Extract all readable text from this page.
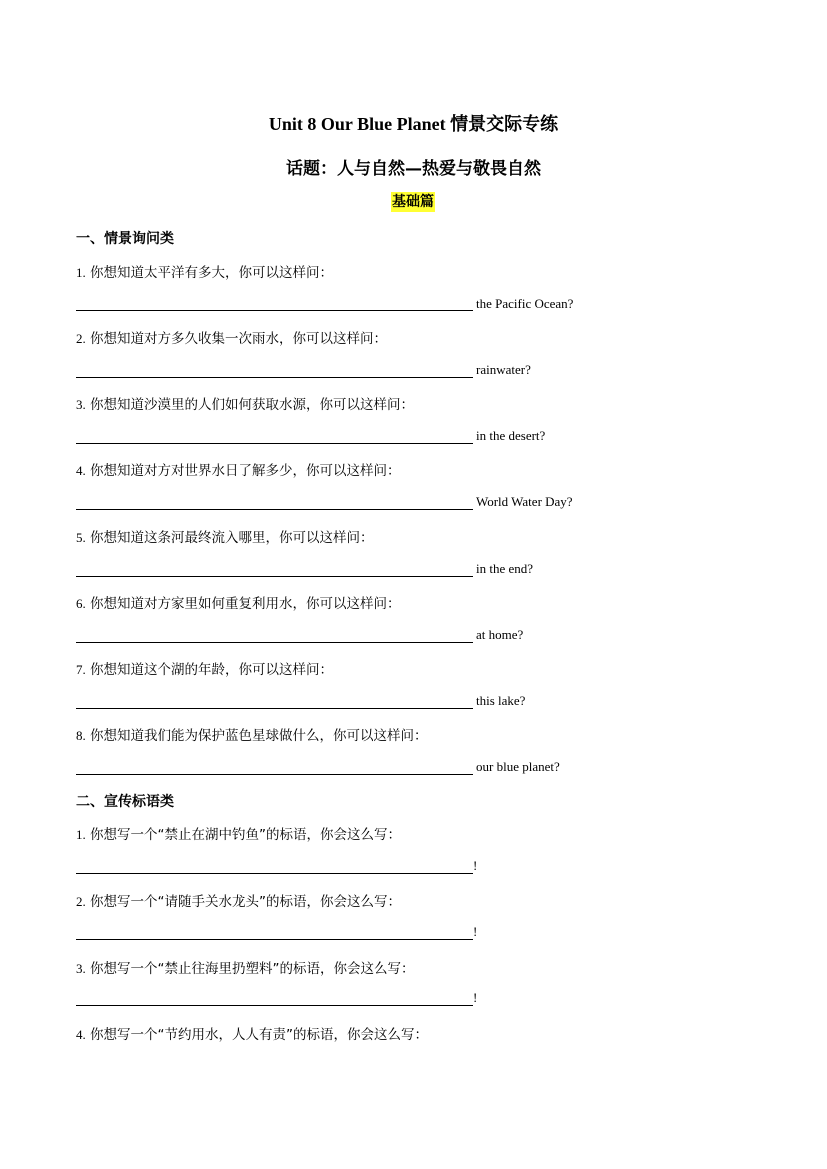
Unit 8 Our Blue Planet 情景交际专练
话题：人与自然—热爱与敬畏自然
基础篇
一、情景询问类
1. 你想知道太平洋有多大，你可以这样问：
the Pacific Ocean?
2. 你想知道对方多久收集一次雨水，你可以这样问：
rainwater?
3. 你想知道沙漠里的人们如何获取水源，你可以这样问：
in the desert?
4. 你想知道对方对世界水日了解多少，你可以这样问：
World Water Day?
5. 你想知道这条河最终流入哪里，你可以这样问：
in the end?
6. 你想知道对方家里如何重复利用水，你可以这样问：
at home?
7. 你想知道这个湖的年龄，你可以这样问：
this lake?
8. 你想知道我们能为保护蓝色星球做什么，你可以这样问：
our blue planet?
二、宣传标语类
1. 你想写一个“禁止在湖中钓鱼”的标语，你会这么写：
!
2. 你想写一个“请随手关水龙头”的标语，你会这么写：
!
3. 你想写一个“禁止往海里扔塑料”的标语，你会这么写：
!
4. 你想写一个“节约用水，人人有责”的标语，你会这么写：
